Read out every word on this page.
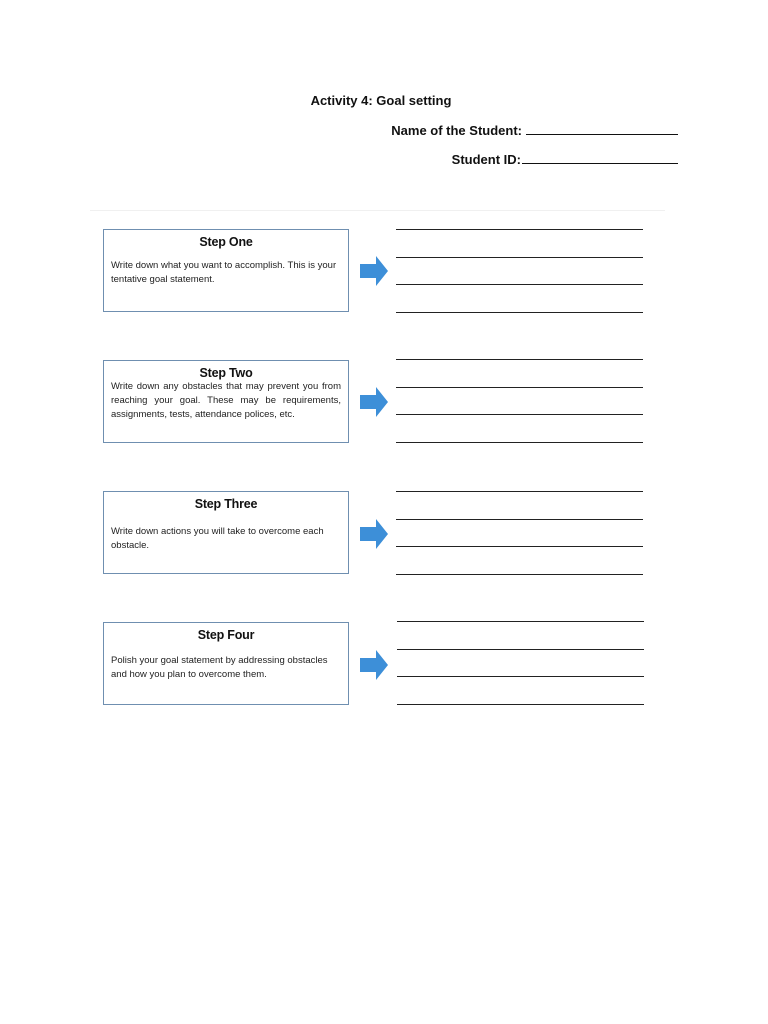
Activity 4: Goal setting
Name of the Student:
Student ID:
Step One
Write down what you want to accomplish. This is your tentative goal statement.
Step Two
Write down any obstacles that may prevent you from reaching your goal. These may be requirements, assignments, tests, attendance polices, etc.
Step Three
Write down actions you will take to overcome each obstacle.
Step Four
Polish your goal statement by addressing obstacles and how you plan to overcome them.
